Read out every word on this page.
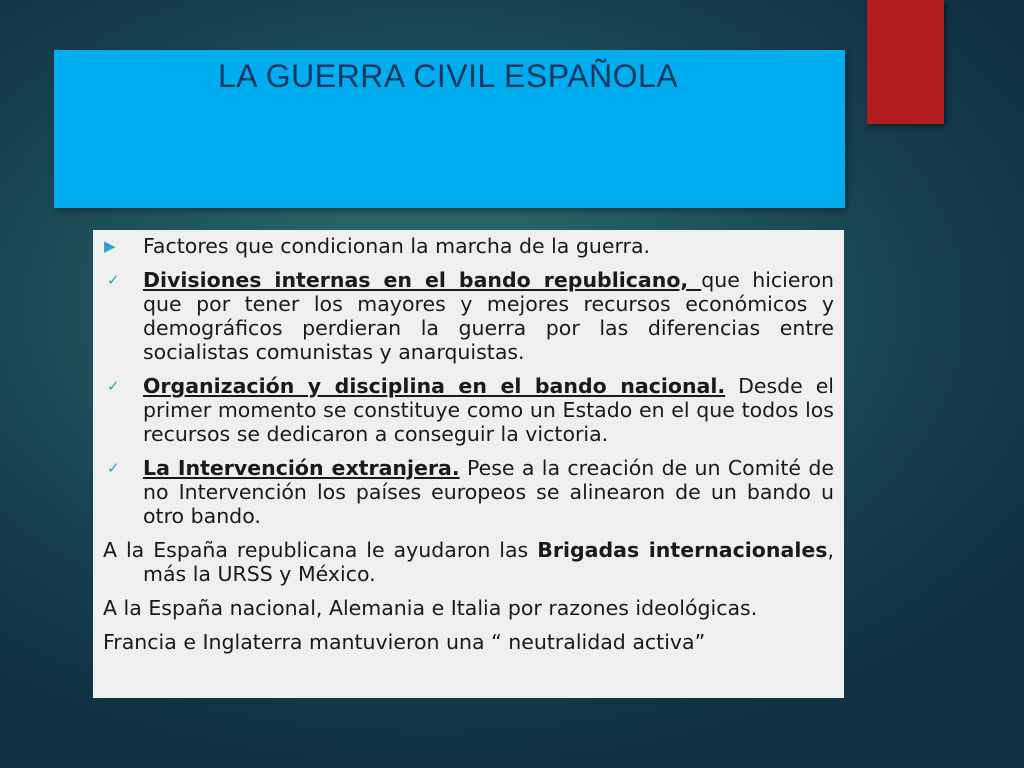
LA GUERRA CIVIL ESPAÑOLA
▶ Factores que condicionan la marcha de la guerra.
✓ Divisiones internas en el bando republicano, que hicieron que por tener los mayores y mejores recursos económicos y demográficos perdieran la guerra por las diferencias entre socialistas comunistas y anarquistas.
✓ Organización y disciplina en el bando nacional. Desde el primer momento se constituye como un Estado en el que todos los recursos se dedicaron a conseguir la victoria.
✓ La Intervención extranjera. Pese a la creación de un Comité de no Intervención los países europeos se alinearon de un bando u otro bando.
A la España republicana le ayudaron las Brigadas internacionales, más la URSS y México.
A la España nacional, Alemania e Italia por razones ideológicas.
Francia e Inglaterra mantuvieron una “ neutralidad activa”
